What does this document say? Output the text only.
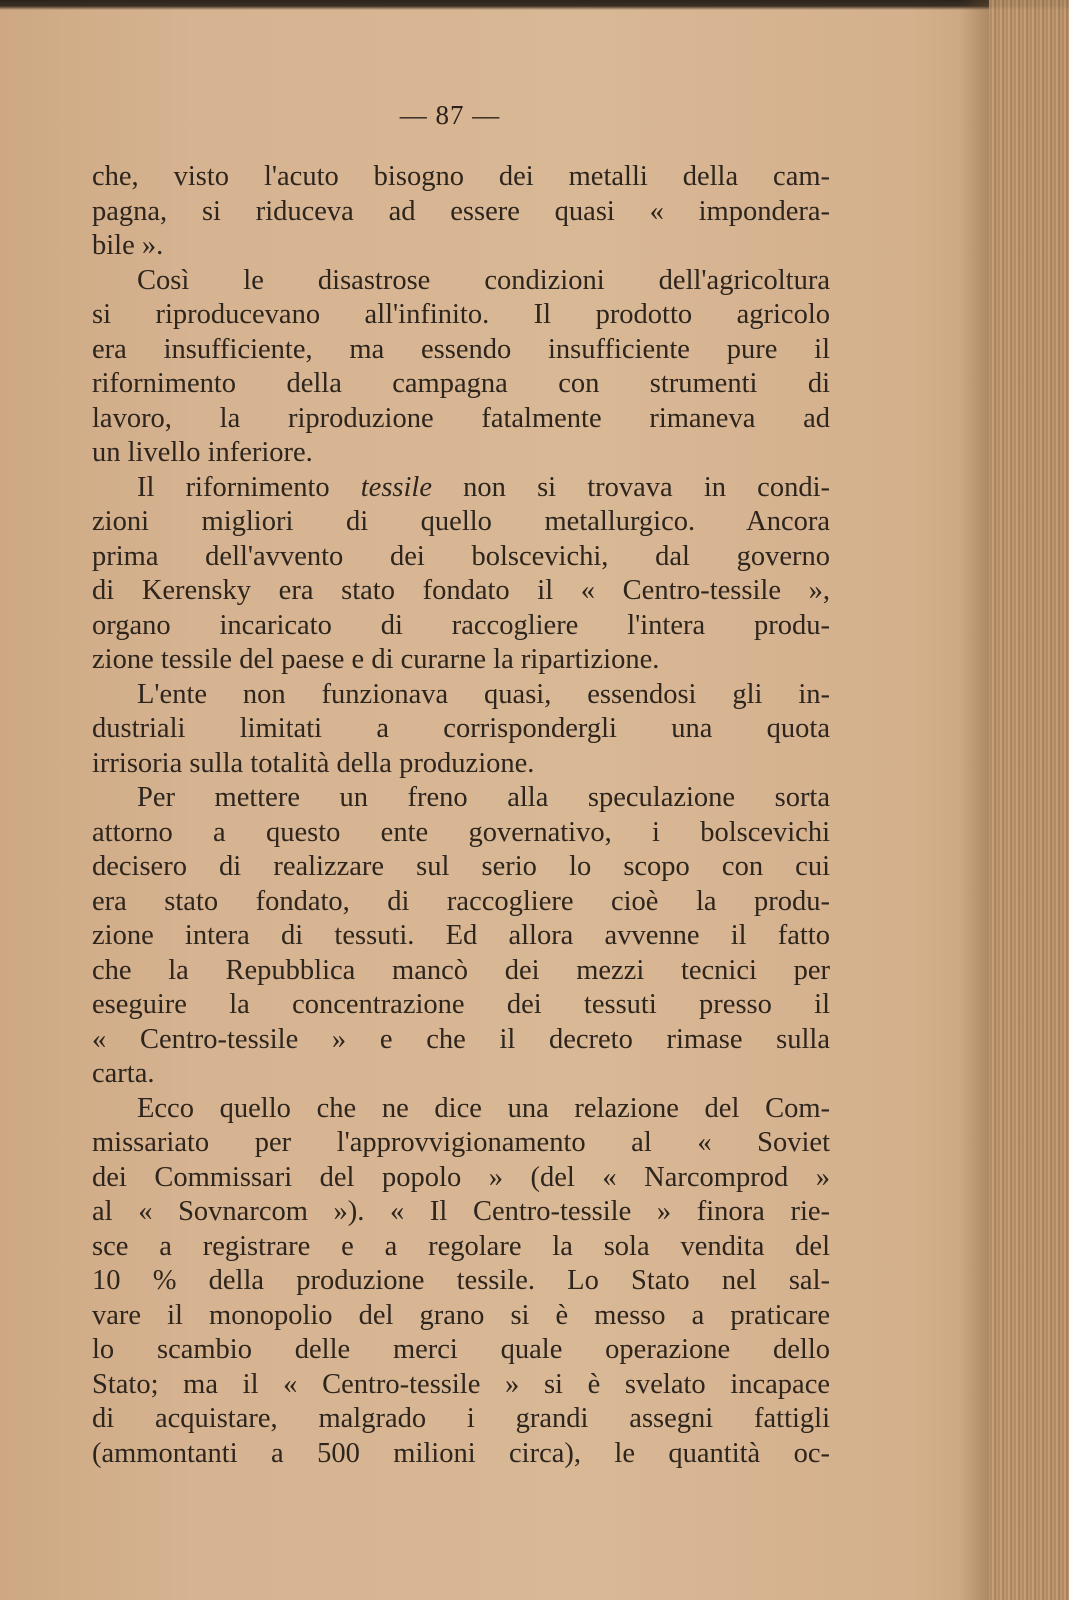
— 87 —
che, visto l'acuto bisogno dei metalli della cam-
pagna, si riduceva ad essere quasi « impondera-
bile ».
Così le disastrose condizioni dell'agricoltura
si riproducevano all'infinito. Il prodotto agricolo
era insufficiente, ma essendo insufficiente pure il
rifornimento della campagna con strumenti di
lavoro, la riproduzione fatalmente rimaneva ad
un livello inferiore.
Il rifornimento tessile non si trovava in condi-
zioni migliori di quello metallurgico. Ancora
prima dell'avvento dei bolscevichi, dal governo
di Kerensky era stato fondato il « Centro-tessile »,
organo incaricato di raccogliere l'intera produ-
zione tessile del paese e di curarne la ripartizione.
L'ente non funzionava quasi, essendosi gli in-
dustriali limitati a corrispondergli una quota
irrisoria sulla totalità della produzione.
Per mettere un freno alla speculazione sorta
attorno a questo ente governativo, i bolscevichi
decisero di realizzare sul serio lo scopo con cui
era stato fondato, di raccogliere cioè la produ-
zione intera di tessuti. Ed allora avvenne il fatto
che la Repubblica mancò dei mezzi tecnici per
eseguire la concentrazione dei tessuti presso il
« Centro-tessile » e che il decreto rimase sulla
carta.
Ecco quello che ne dice una relazione del Com-
missariato per l'approvvigionamento al « Soviet
dei Commissari del popolo » (del « Narcomprod »
al « Sovnarcom »). « Il Centro-tessile » finora rie-
sce a registrare e a regolare la sola vendita del
10 % della produzione tessile. Lo Stato nel sal-
vare il monopolio del grano si è messo a praticare
lo scambio delle merci quale operazione dello
Stato; ma il « Centro-tessile » si è svelato incapace
di acquistare, malgrado i grandi assegni fattigli
(ammontanti a 500 milioni circa), le quantità oc-
